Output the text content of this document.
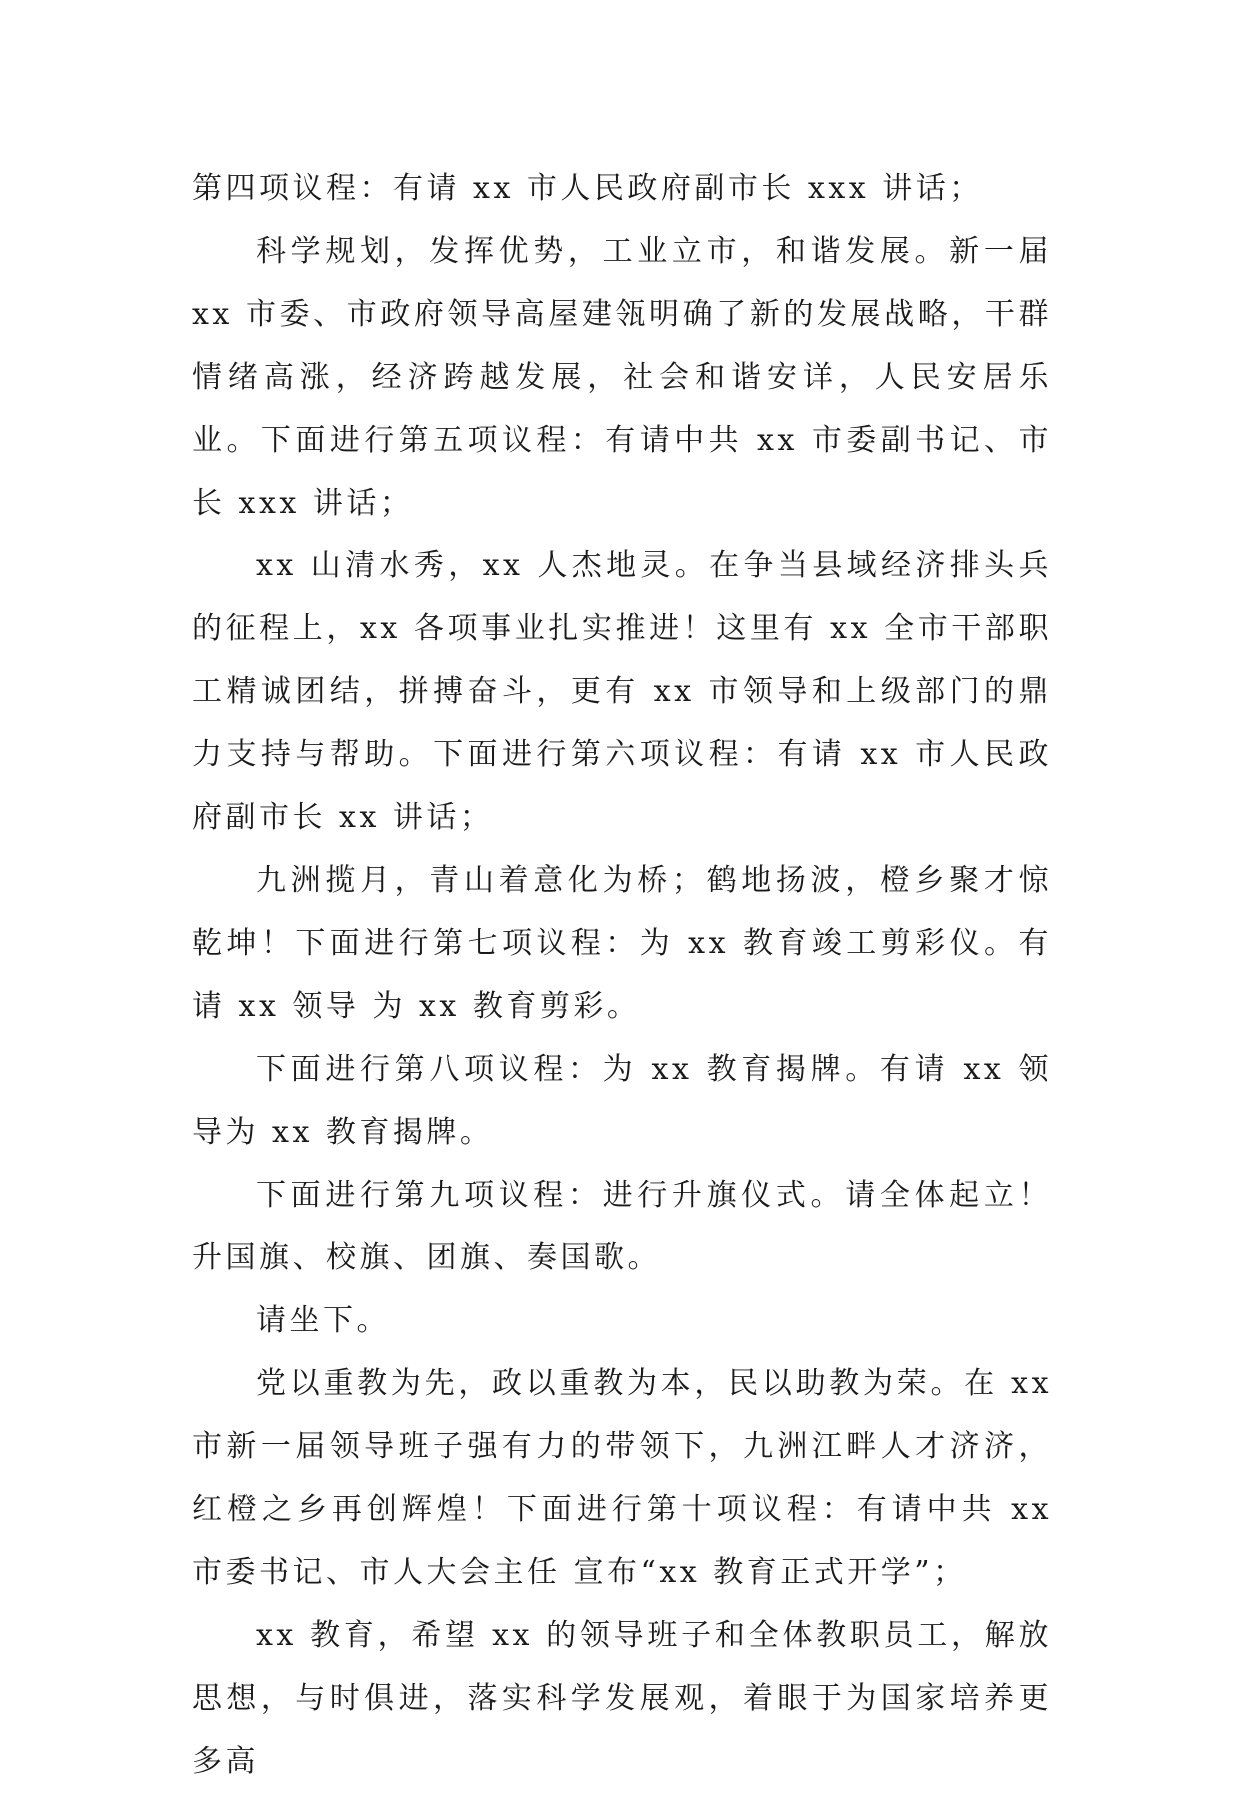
第四项议程：有请 xx 市人民政府副市长 xxx 讲话；

科学规划，发挥优势，工业立市，和谐发展。新一届 xx 市委、市政府领导高屋建瓴明确了新的发展战略，干群情绪高涨，经济跨越发展，社会和谐安详，人民安居乐业。下面进行第五项议程：有请中共 xx 市委副书记、市长 xxx 讲话；

xx 山清水秀，xx 人杰地灵。在争当县域经济排头兵的征程上，xx 各项事业扎实推进！这里有 xx 全市干部职工精诚团结，拼搏奋斗，更有 xx 市领导和上级部门的鼎力支持与帮助。下面进行第六项议程：有请 xx 市人民政府副市长 xx 讲话；

九洲揽月，青山着意化为桥；鹤地扬波，橙乡聚才惊乾坤！下面进行第七项议程：为 xx 教育竣工剪彩仪。有请 xx 领导 为 xx 教育剪彩。

下面进行第八项议程：为 xx 教育揭牌。有请 xx 领导为 xx 教育揭牌。

下面进行第九项议程：进行升旗仪式。请全体起立！升国旗、校旗、团旗、奏国歌。

请坐下。

党以重教为先，政以重教为本，民以助教为荣。在 xx 市新一届领导班子强有力的带领下，九洲江畔人才济济，红橙之乡再创辉煌！下面进行第十项议程：有请中共 xx 市委书记、市人大会主任 宣布“xx 教育正式开学”；

xx 教育，希望 xx 的领导班子和全体教职员工，解放思想，与时俱进，落实科学发展观，着眼于为国家培养更多高
